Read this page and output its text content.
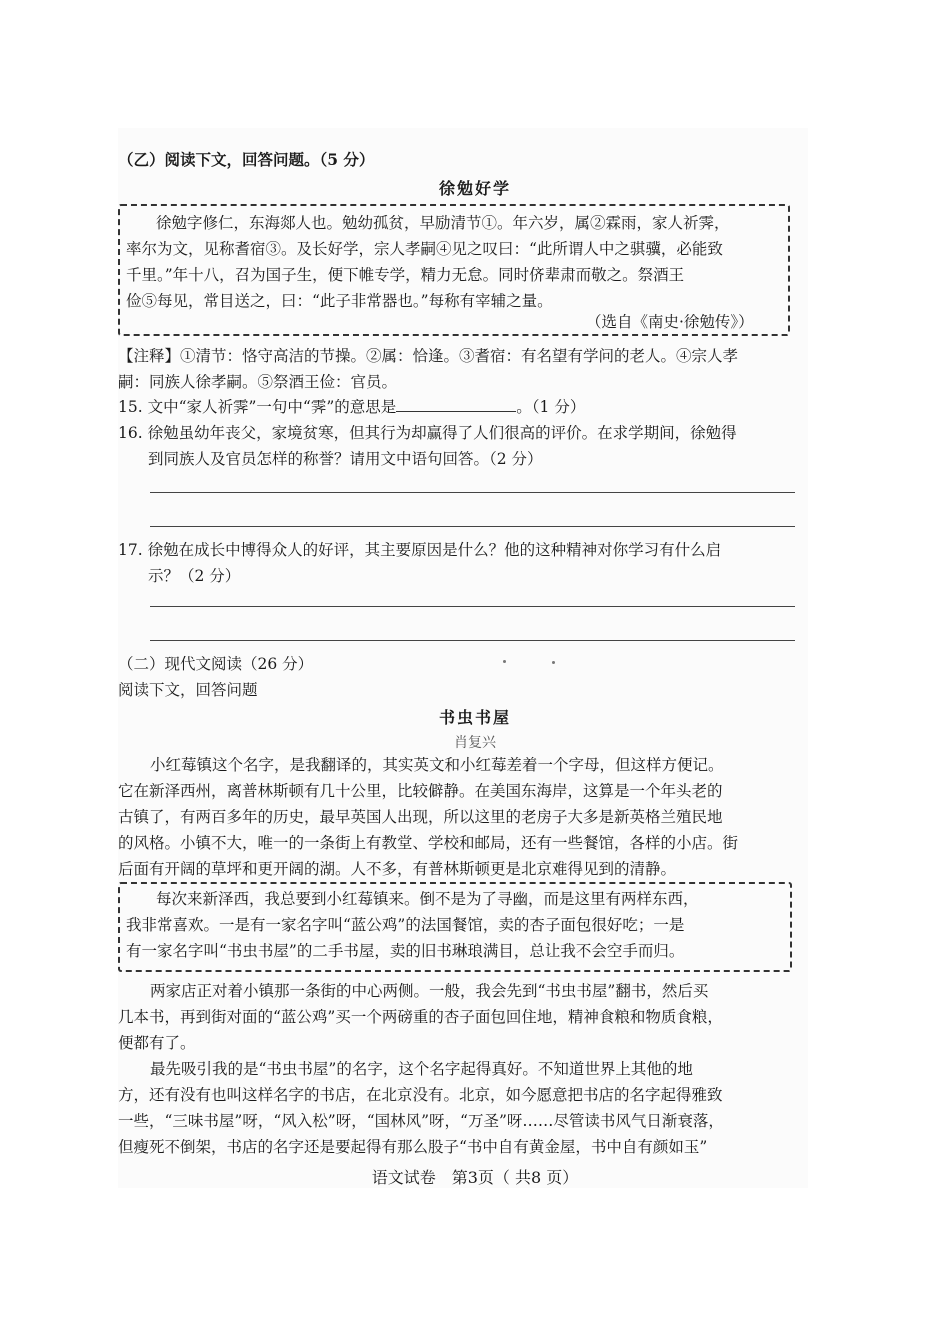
（乙）阅读下文，回答问题。（5 分）
徐勉好学
徐勉字修仁，东海郯人也。勉幼孤贫，早励清节①。年六岁，属②霖雨，家人祈霁，
率尔为文，见称耆宿③。及长好学，宗人孝嗣④见之叹曰：“此所谓人中之骐骥，必能致
千里。”年十八，召为国子生，便下帷专学，精力无怠。同时侪辈肃而敬之。祭酒王
俭⑤每见，常目送之，曰：“此子非常器也。”每称有宰辅之量。
（选自《南史·徐勉传》）
【注释】①清节：恪守高洁的节操。②属：恰逢。③耆宿：有名望有学问的老人。④宗人孝
嗣：同族人徐孝嗣。⑤祭酒王俭：官员。
15. 文中“家人祈霁”一句中“霁”的意思是	。（1 分）
16. 徐勉虽幼年丧父，家境贫寒，但其行为却赢得了人们很高的评价。在求学期间，徐勉得
到同族人及官员怎样的称誉？请用文中语句回答。（2 分）
17. 徐勉在成长中博得众人的好评，其主要原因是什么？他的这种精神对你学习有什么启
示？（2 分）
（二）现代文阅读（26 分）
阅读下文，回答问题
书虫书屋
肖复兴
小红莓镇这个名字，是我翻译的，其实英文和小红莓差着一个字母，但这样方便记。
它在新泽西州，离普林斯顿有几十公里，比较僻静。在美国东海岸，这算是一个年头老的
古镇了，有两百多年的历史，最早英国人出现，所以这里的老房子大多是新英格兰殖民地
的风格。小镇不大，唯一的一条街上有教堂、学校和邮局，还有一些餐馆，各样的小店。街
后面有开阔的草坪和更开阔的湖。人不多，有普林斯顿更是北京难得见到的清静。
每次来新泽西，我总要到小红莓镇来。倒不是为了寻幽，而是这里有两样东西，
我非常喜欢。一是有一家名字叫“蓝公鸡”的法国餐馆，卖的杏子面包很好吃；一是
有一家名字叫“书虫书屋”的二手书屋，卖的旧书琳琅满目，总让我不会空手而归。
两家店正对着小镇那一条街的中心两侧。一般，我会先到“书虫书屋”翻书，然后买
几本书，再到街对面的“蓝公鸡”买一个两磅重的杏子面包回住地，精神食粮和物质食粮，
便都有了。
最先吸引我的是“书虫书屋”的名字，这个名字起得真好。不知道世界上其他的地
方，还有没有也叫这样名字的书店，在北京没有。北京，如今愿意把书店的名字起得雅致
一些，“三味书屋”呀，“风入松”呀，“国林风”呀，“万圣”呀……尽管读书风气日渐衰落，
但瘦死不倒架，书店的名字还是要起得有那么股子“书中自有黄金屋，书中自有颜如玉”
语文试卷　第3页（ 共8 页）
